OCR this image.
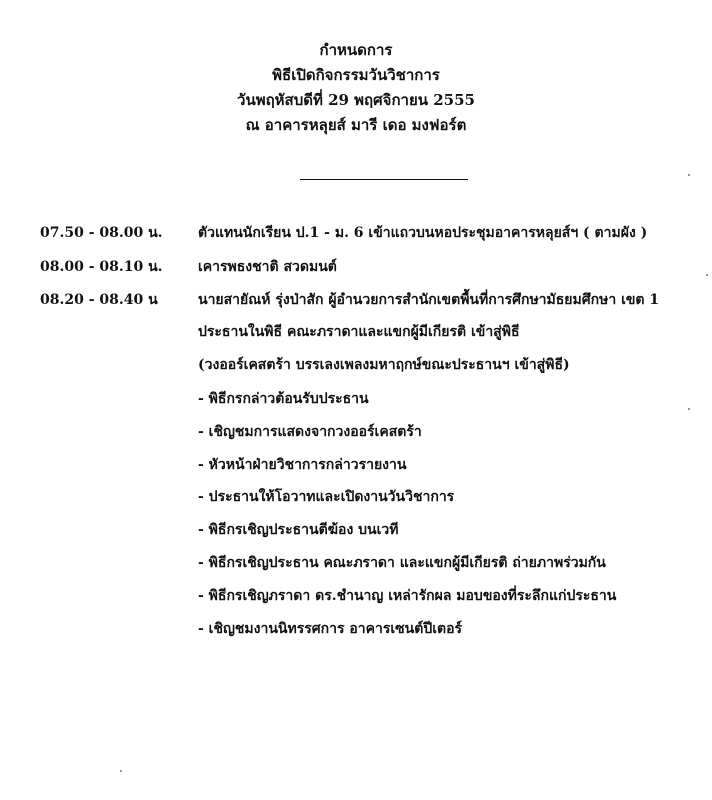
กำหนดการ
พิธีเปิดกิจกรรมวันวิชาการ
วันพฤหัสบดีที่ 29 พฤศจิกายน 2555
ณ อาคารหลุยส์ มารี เดอ มงฟอร์ต
07.50 - 08.00 น.	ตัวแทนนักเรียน ป.1 - ม. 6 เข้าแถวบนหอประชุมอาคารหลุยส์ฯ ( ตามผัง )
08.00 - 08.10 น.	เคารพธงชาติ สวดมนต์
08.20 - 08.40 น	นายสายัณห์ รุ่งป่าสัก ผู้อำนวยการสำนักเขตพื้นที่การศึกษามัธยมศึกษา เขต 1
ประธานในพิธี คณะภราดาและแขกผู้มีเกียรติ เข้าสู่พิธี
(วงออร์เคสตร้า บรรเลงเพลงมหาฤกษ์ขณะประธานฯ เข้าสู่พิธี)
- พิธีกรกล่าวต้อนรับประธาน
- เชิญชมการแสดงจากวงออร์เคสตร้า
- หัวหน้าฝ่ายวิชาการกล่าวรายงาน
- ประธานให้โอวาทและเปิดงานวันวิชาการ
- พิธีกรเชิญประธานตีฆ้อง บนเวที
- พิธีกรเชิญประธาน คณะภราดา และแขกผู้มีเกียรติ ถ่ายภาพร่วมกัน
- พิธีกรเชิญภราดา ดร.ชำนาญ เหล่ารักผล มอบของที่ระลึกแก่ประธาน
- เชิญชมงานนิทรรศการ อาคารเซนต์ปีเตอร์
